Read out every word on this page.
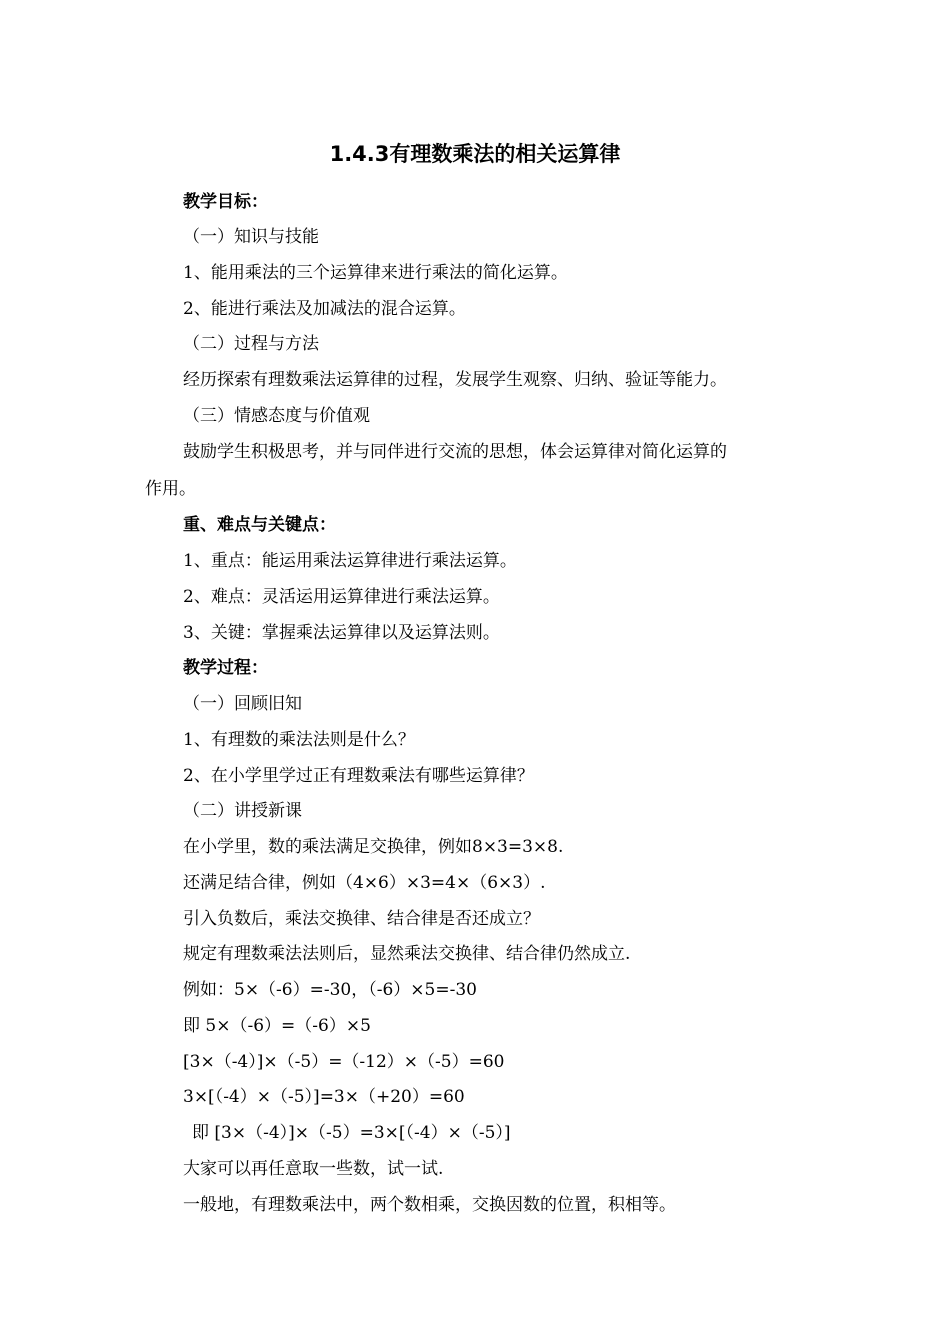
1.4.3有理数乘法的相关运算律
教学目标：
（一）知识与技能
1、能用乘法的三个运算律来进行乘法的简化运算。
2、能进行乘法及加减法的混合运算。
（二）过程与方法
经历探索有理数乘法运算律的过程，发展学生观察、归纳、验证等能力。
（三）情感态度与价值观
鼓励学生积极思考，并与同伴进行交流的思想，体会运算律对简化运算的
作用。
重、难点与关键点：
1、重点：能运用乘法运算律进行乘法运算。
2、难点：灵活运用运算律进行乘法运算。
3、关键：掌握乘法运算律以及运算法则。
教学过程：
（一）回顾旧知
1、有理数的乘法法则是什么？
2、在小学里学过正有理数乘法有哪些运算律？
（二）讲授新课
在小学里，数的乘法满足交换律，例如8×3=3×8.
还满足结合律，例如（4×6）×3=4×（6×3）.
引入负数后，乘法交换律、结合律是否还成立？
规定有理数乘法法则后，显然乘法交换律、结合律仍然成立.
例如：5×（-6）=-30，（-6）×5=-30
即 5×（-6）=（-6）×5
[3×（-4）]×（-5）=（-12）×（-5）=60
3×[（-4）×（-5）]=3×（+20）=60
即 [3×（-4）]×（-5）=3×[（-4）×（-5）]
大家可以再任意取一些数，试一试.
一般地，有理数乘法中，两个数相乘，交换因数的位置，积相等。
